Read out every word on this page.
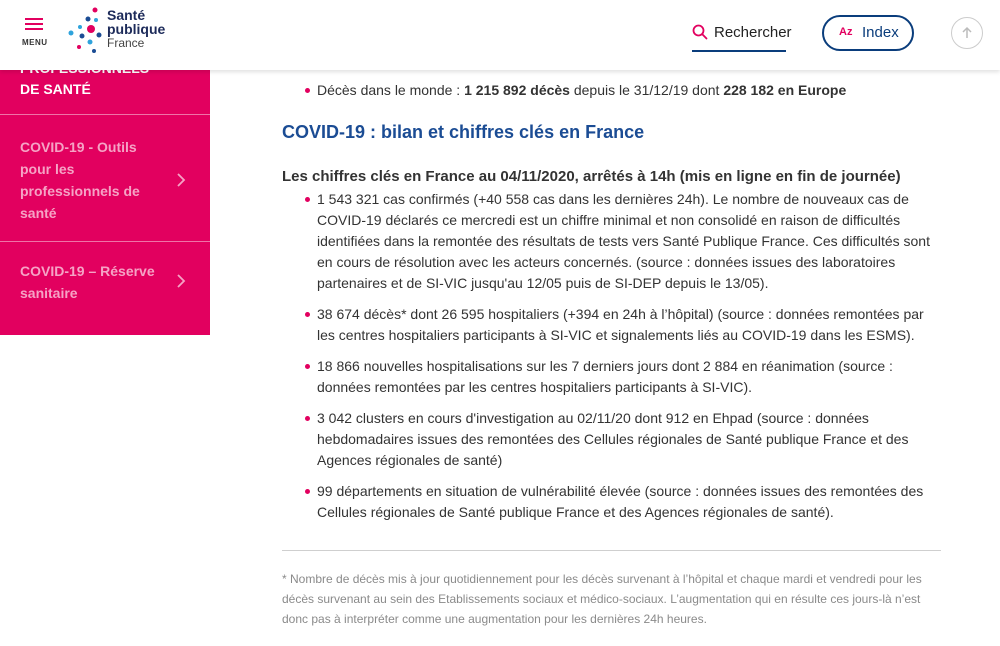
MENU
Santé
publique
France
Rechercher	Az Index

DE SANTÉ
COVID-19 - Outils pour les professionnels de santé
COVID-19 – Réserve sanitaire
Décès dans le monde : 1 215 892 décès depuis le 31/12/19 dont 228 182 en Europe
COVID-19 : bilan et chiffres clés en France
Les chiffres clés en France au 04/11/2020, arrêtés à 14h (mis en ligne en fin de journée)
1 543 321 cas confirmés (+40 558 cas dans les dernières 24h). Le nombre de nouveaux cas de COVID-19 déclarés ce mercredi est un chiffre minimal et non consolidé en raison de difficultés identifiées dans la remontée des résultats de tests vers Santé Publique France. Ces difficultés sont en cours de résolution avec les acteurs concernés. (source : données issues des laboratoires partenaires et de SI-VIC jusqu'au 12/05 puis de SI-DEP depuis le 13/05).
38 674 décès* dont 26 595 hospitaliers (+394 en 24h à l’hôpital) (source : données remontées par les centres hospitaliers participants à SI-VIC et signalements liés au COVID-19 dans les ESMS).
18 866 nouvelles hospitalisations sur les 7 derniers jours dont 2 884 en réanimation (source : données remontées par les centres hospitaliers participants à SI-VIC).
3 042 clusters en cours d'investigation au 02/11/20 dont 912 en Ehpad (source : données hebdomadaires issues des remontées des Cellules régionales de Santé publique France et des Agences régionales de santé)
99 départements en situation de vulnérabilité élevée (source : données issues des remontées des Cellules régionales de Santé publique France et des Agences régionales de santé).
* Nombre de décès mis à jour quotidiennement pour les décès survenant à l’hôpital et chaque mardi et vendredi pour les décès survenant au sein des Etablissements sociaux et médico-sociaux. L’augmentation qui en résulte ces jours-là n’est donc pas à interpréter comme une augmentation pour les dernières 24h heures.
